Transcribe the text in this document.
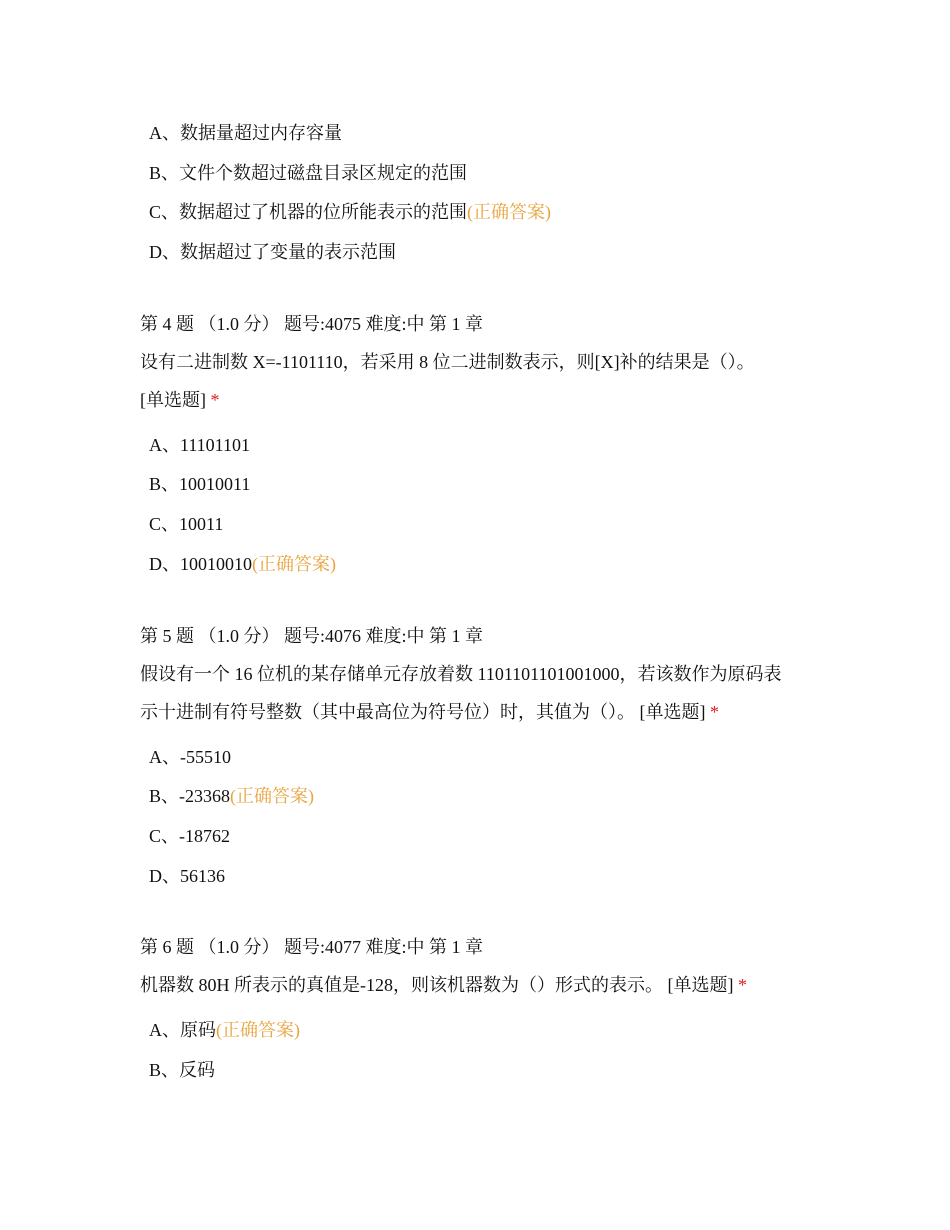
A、数据量超过内存容量
B、文件个数超过磁盘目录区规定的范围
C、数据超过了机器的位所能表示的范围(正确答案)
D、数据超过了变量的表示范围
第 4 题 （1.0 分） 题号:4075 难度:中 第 1 章
设有二进制数 X=-1101110，若采用 8 位二进制数表示，则[X]补的结果是（）。
[单选题] *
A、11101101
B、10010011
C、10011
D、10010010(正确答案)
第 5 题 （1.0 分） 题号:4076 难度:中 第 1 章
假设有一个 16 位机的某存储单元存放着数 1101101101001000，若该数作为原码表
示十进制有符号整数（其中最高位为符号位）时，其值为（）。 [单选题] *
A、-55510
B、-23368(正确答案)
C、-18762
D、56136
第 6 题 （1.0 分） 题号:4077 难度:中 第 1 章
机器数 80H 所表示的真值是-128，则该机器数为（）形式的表示。 [单选题] *
A、原码(正确答案)
B、反码
